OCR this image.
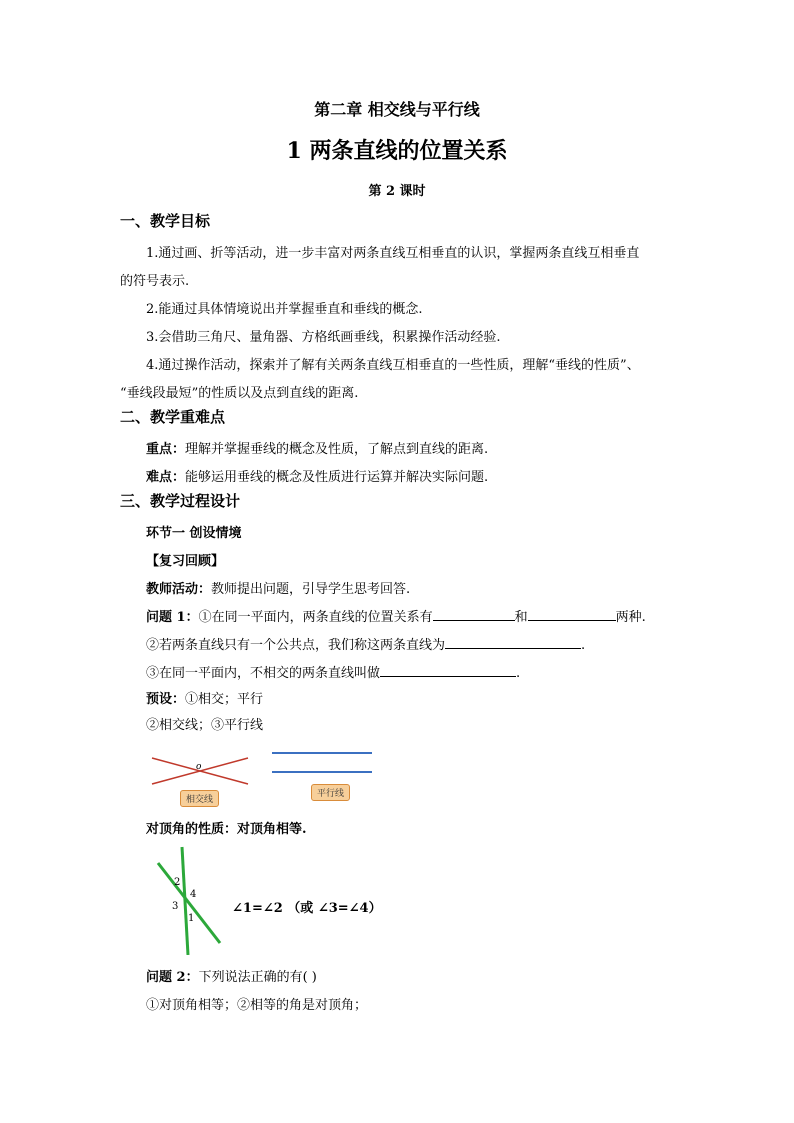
第二章 相交线与平行线
1 两条直线的位置关系
第 2 课时
一、教学目标
1.通过画、折等活动，进一步丰富对两条直线互相垂直的认识，掌握两条直线互相垂直
的符号表示.
2.能通过具体情境说出并掌握垂直和垂线的概念.
3.会借助三角尺、量角器、方格纸画垂线，积累操作活动经验.
4.通过操作活动，探索并了解有关两条直线互相垂直的一些性质，理解“垂线的性质”、
“垂线段最短”的性质以及点到直线的距离.
二、教学重难点
重点：理解并掌握垂线的概念及性质，了解点到直线的距离.
难点：能够运用垂线的概念及性质进行运算并解决实际问题.
三、教学过程设计
环节一 创设情境
【复习回顾】
教师活动：教师提出问题，引导学生思考回答.
问题 1：①在同一平面内，两条直线的位置关系有	和	两种.
②若两条直线只有一个公共点，我们称这两条直线为	.
③在同一平面内，不相交的两条直线叫做	.
预设：①相交；平行
②相交线；③平行线
o
相交线
平行线
对顶角的性质：对顶角相等.
2
4
3
1
∠1=∠2 （或 ∠3=∠4）
问题 2：下列说法正确的有( )
①对顶角相等；②相等的角是对顶角；
